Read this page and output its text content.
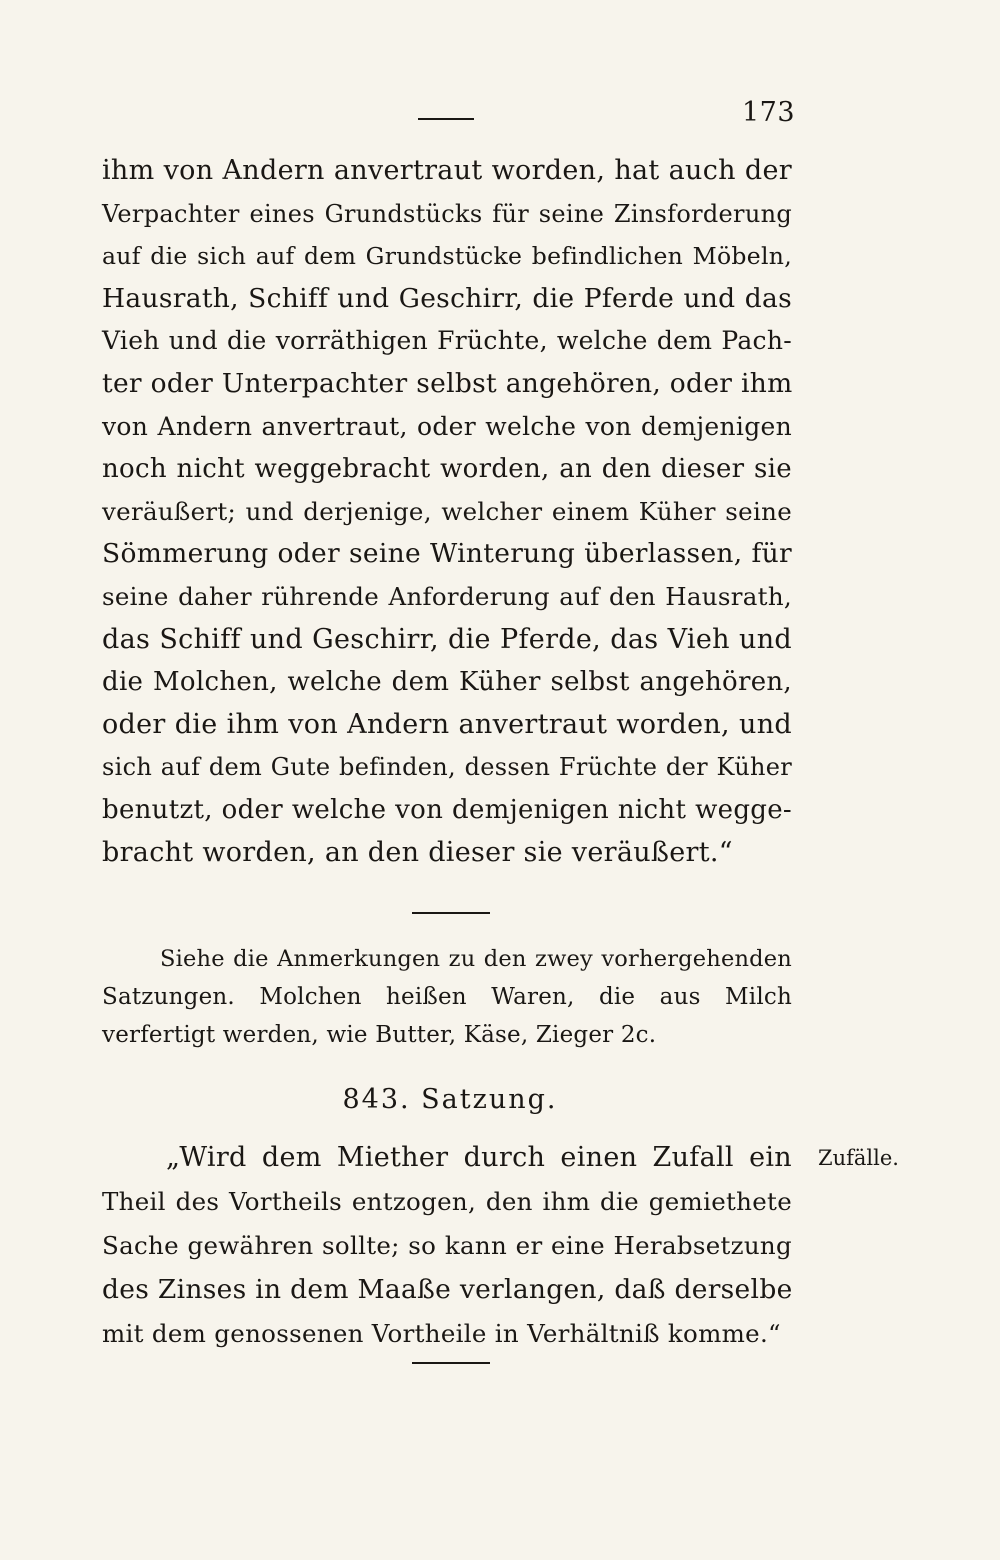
173
ihm von Andern anvertraut worden, hat auch der
Verpachter eines Grundstücks für seine Zinsforderung
auf die sich auf dem Grundstücke befindlichen Möbeln,
Hausrath, Schiff und Geschirr, die Pferde und das
Vieh und die vorräthigen Früchte, welche dem Pach-
ter oder Unterpachter selbst angehören, oder ihm
von Andern anvertraut, oder welche von demjenigen
noch nicht weggebracht worden, an den dieser sie
veräußert; und derjenige, welcher einem Küher seine
Sömmerung oder seine Winterung überlassen, für
seine daher rührende Anforderung auf den Hausrath,
das Schiff und Geschirr, die Pferde, das Vieh und
die Molchen, welche dem Küher selbst angehören,
oder die ihm von Andern anvertraut worden, und
sich auf dem Gute befinden, dessen Früchte der Küher
benutzt, oder welche von demjenigen nicht wegge-
bracht worden, an den dieser sie veräußert.“
Siehe die Anmerkungen zu den zwey vorhergehenden
Satzungen. Molchen heißen Waren, die aus Milch
verfertigt werden, wie Butter, Käse, Zieger 2c.
843. Satzung.
„Wird dem Miether durch einen Zufall ein
Theil des Vortheils entzogen, den ihm die gemiethete
Sache gewähren sollte; so kann er eine Herabsetzung
des Zinses in dem Maaße verlangen, daß derselbe
mit dem genossenen Vortheile in Verhältniß komme.“
Zufälle.
